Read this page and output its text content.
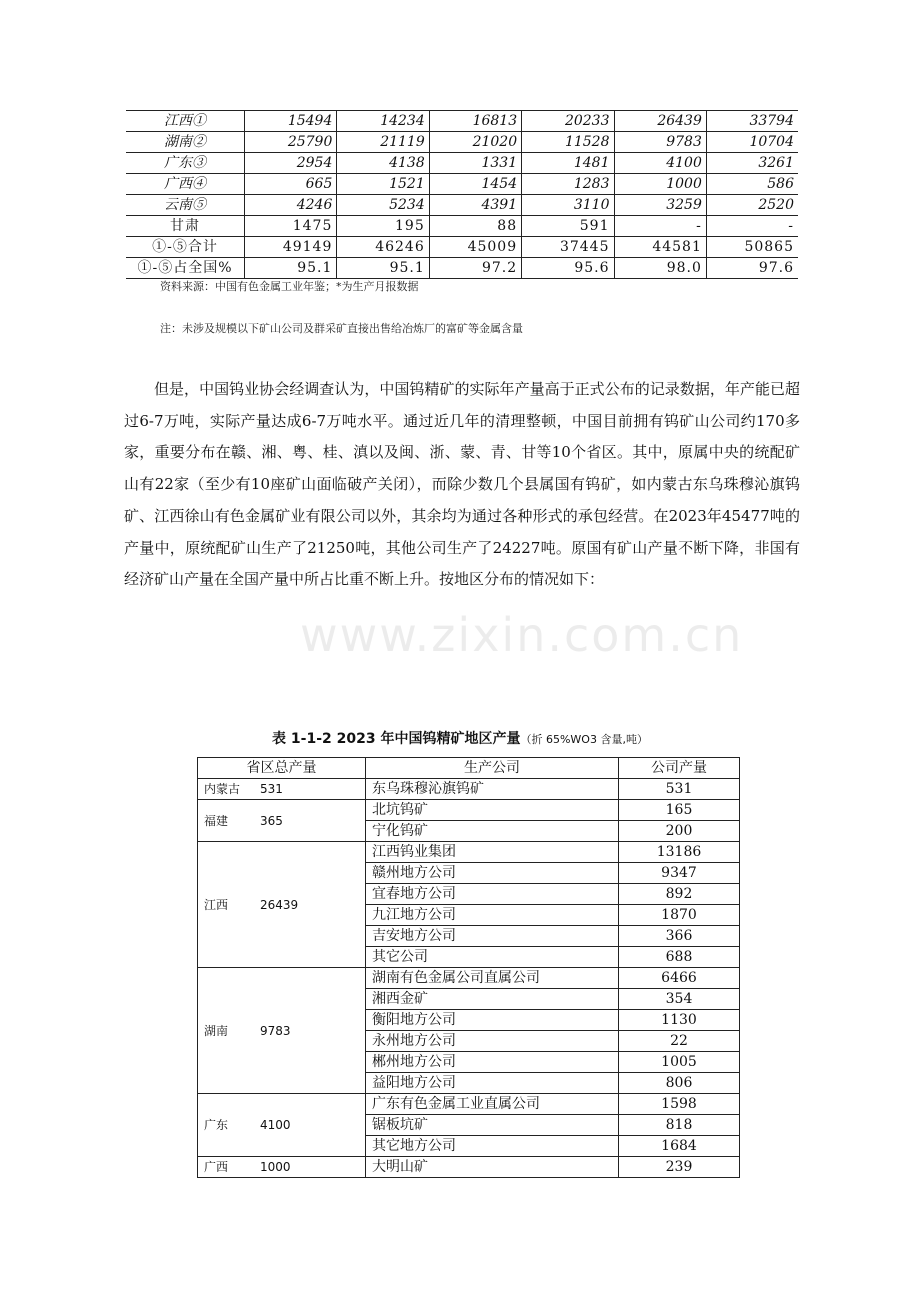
江西①	15494	14234	16813	20233	26439	33794
湖南②	25790	21119	21020	11528	9783	10704
广东③	2954	4138	1331	1481	4100	3261
广西④	665	1521	1454	1283	1000	586
云南⑤	4246	5234	4391	3110	3259	2520
甘肃	1475	195	88	591	-	-
①-⑤合计	49149	46246	45009	37445	44581	50865
①-⑤占全国%	95.1	95.1	97.2	95.6	98.0	97.6
资料来源：中国有色金属工业年鉴；*为生产月报数据
注：未涉及规模以下矿山公司及群采矿直接出售给冶炼厂的富矿等金属含量

但是，中国钨业协会经调查认为，中国钨精矿的实际年产量高于正式公布的记录数据，年产能已超过6-7万吨，实际产量达成6-7万吨水平。通过近几年的清理整顿，中国目前拥有钨矿山公司约170多家，重要分布在赣、湘、粤、桂、滇以及闽、浙、蒙、青、甘等10个省区。其中，原属中央的统配矿山有22家（至少有10座矿山面临破产关闭），而除少数几个县属国有钨矿，如内蒙古东乌珠穆沁旗钨矿、江西徐山有色金属矿业有限公司以外，其余均为通过各种形式的承包经营。在2023年45477吨的产量中，原统配矿山生产了21250吨，其他公司生产了24227吨。原国有矿山产量不断下降，非国有经济矿山产量在全国产量中所占比重不断上升。按地区分布的情况如下：

www.zixin.com.cn
表 1-1-2 2023 年中国钨精矿地区产量（折 65%WO3 含量,吨）
省区总产量	生产公司	公司产量
内蒙古 531	东乌珠穆沁旗钨矿	531
福建 365	北坑钨矿	165
	宁化钨矿	200
江西 26439	江西钨业集团	13186
	赣州地方公司	9347
	宜春地方公司	892
	九江地方公司	1870
	吉安地方公司	366
	其它公司	688
湖南 9783	湖南有色金属公司直属公司	6466
	湘西金矿	354
	衡阳地方公司	1130
	永州地方公司	22
	郴州地方公司	1005
	益阳地方公司	806
广东 4100	广东有色金属工业直属公司	1598
	锯板坑矿	818
	其它地方公司	1684
广西 1000	大明山矿	239
